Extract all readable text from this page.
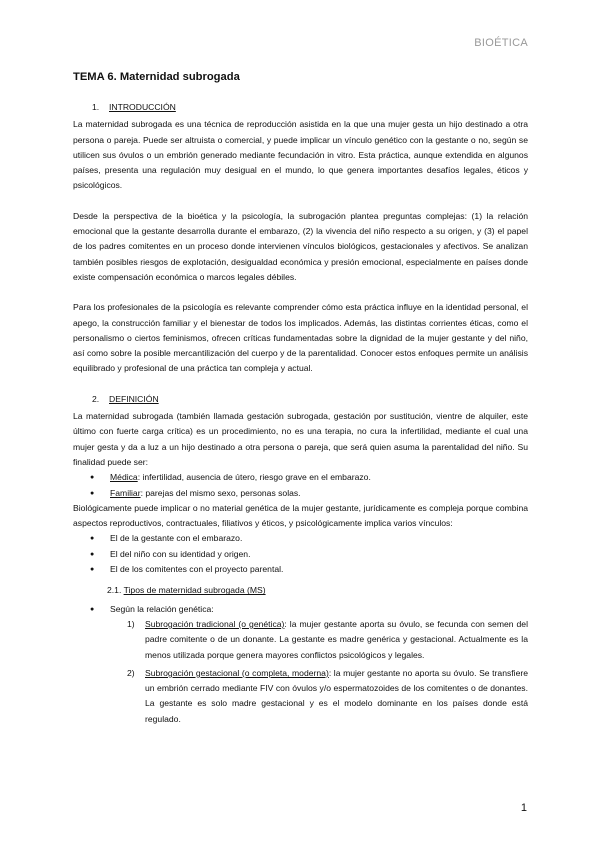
BIOÉTICA
TEMA 6. Maternidad subrogada
1. INTRODUCCIÓN

La maternidad subrogada es una técnica de reproducción asistida en la que una mujer gesta un hijo destinado a otra persona o pareja. Puede ser altruista o comercial, y puede implicar un vínculo genético con la gestante o no, según se utilicen sus óvulos o un embrión generado mediante fecundación in vitro. Esta práctica, aunque extendida en algunos países, presenta una regulación muy desigual en el mundo, lo que genera importantes desafíos legales, éticos y psicológicos.

Desde la perspectiva de la bioética y la psicología, la subrogación plantea preguntas complejas: (1) la relación emocional que la gestante desarrolla durante el embarazo, (2) la vivencia del niño respecto a su origen, y (3) el papel de los padres comitentes en un proceso donde intervienen vínculos biológicos, gestacionales y afectivos. Se analizan también posibles riesgos de explotación, desigualdad económica y presión emocional, especialmente en países donde existe compensación económica o marcos legales débiles.

Para los profesionales de la psicología es relevante comprender cómo esta práctica influye en la identidad personal, el apego, la construcción familiar y el bienestar de todos los implicados. Además, las distintas corrientes éticas, como el personalismo o ciertos feminismos, ofrecen críticas fundamentadas sobre la dignidad de la mujer gestante y del niño, así como sobre la posible mercantilización del cuerpo y de la parentalidad. Conocer estos enfoques permite un análisis equilibrado y profesional de una práctica tan compleja y actual.

2. DEFINICIÓN

La maternidad subrogada (también llamada gestación subrogada, gestación por sustitución, vientre de alquiler, este último con fuerte carga crítica) es un procedimiento, no es una terapia, no cura la infertilidad, mediante el cual una mujer gesta y da a luz a un hijo destinado a otra persona o pareja, que será quien asuma la parentalidad del niño. Su finalidad puede ser:

● Médica: infertilidad, ausencia de útero, riesgo grave en el embarazo.
● Familiar: parejas del mismo sexo, personas solas.

Biológicamente puede implicar o no material genética de la mujer gestante, jurídicamente es compleja porque combina aspectos reproductivos, contractuales, filiativos y éticos, y psicológicamente implica varios vínculos:

● El de la gestante con el embarazo.
● El del niño con su identidad y origen.
● El de los comitentes con el proyecto parental.
2.1. Tipos de maternidad subrogada (MS)
● Según la relación genética:
1) Subrogación tradicional (o genética): la mujer gestante aporta su óvulo, se fecunda con semen del padre comitente o de un donante. La gestante es madre genérica y gestacional. Actualmente es la menos utilizada porque genera mayores conflictos psicológicos y legales.
2) Subrogación gestacional (o completa, moderna): la mujer gestante no aporta su óvulo. Se transfiere un embrión cerrado mediante FIV con óvulos y/o espermatozoides de los comitentes o de donantes. La gestante es solo madre gestacional y es el modelo dominante en los países donde está regulado.
1
